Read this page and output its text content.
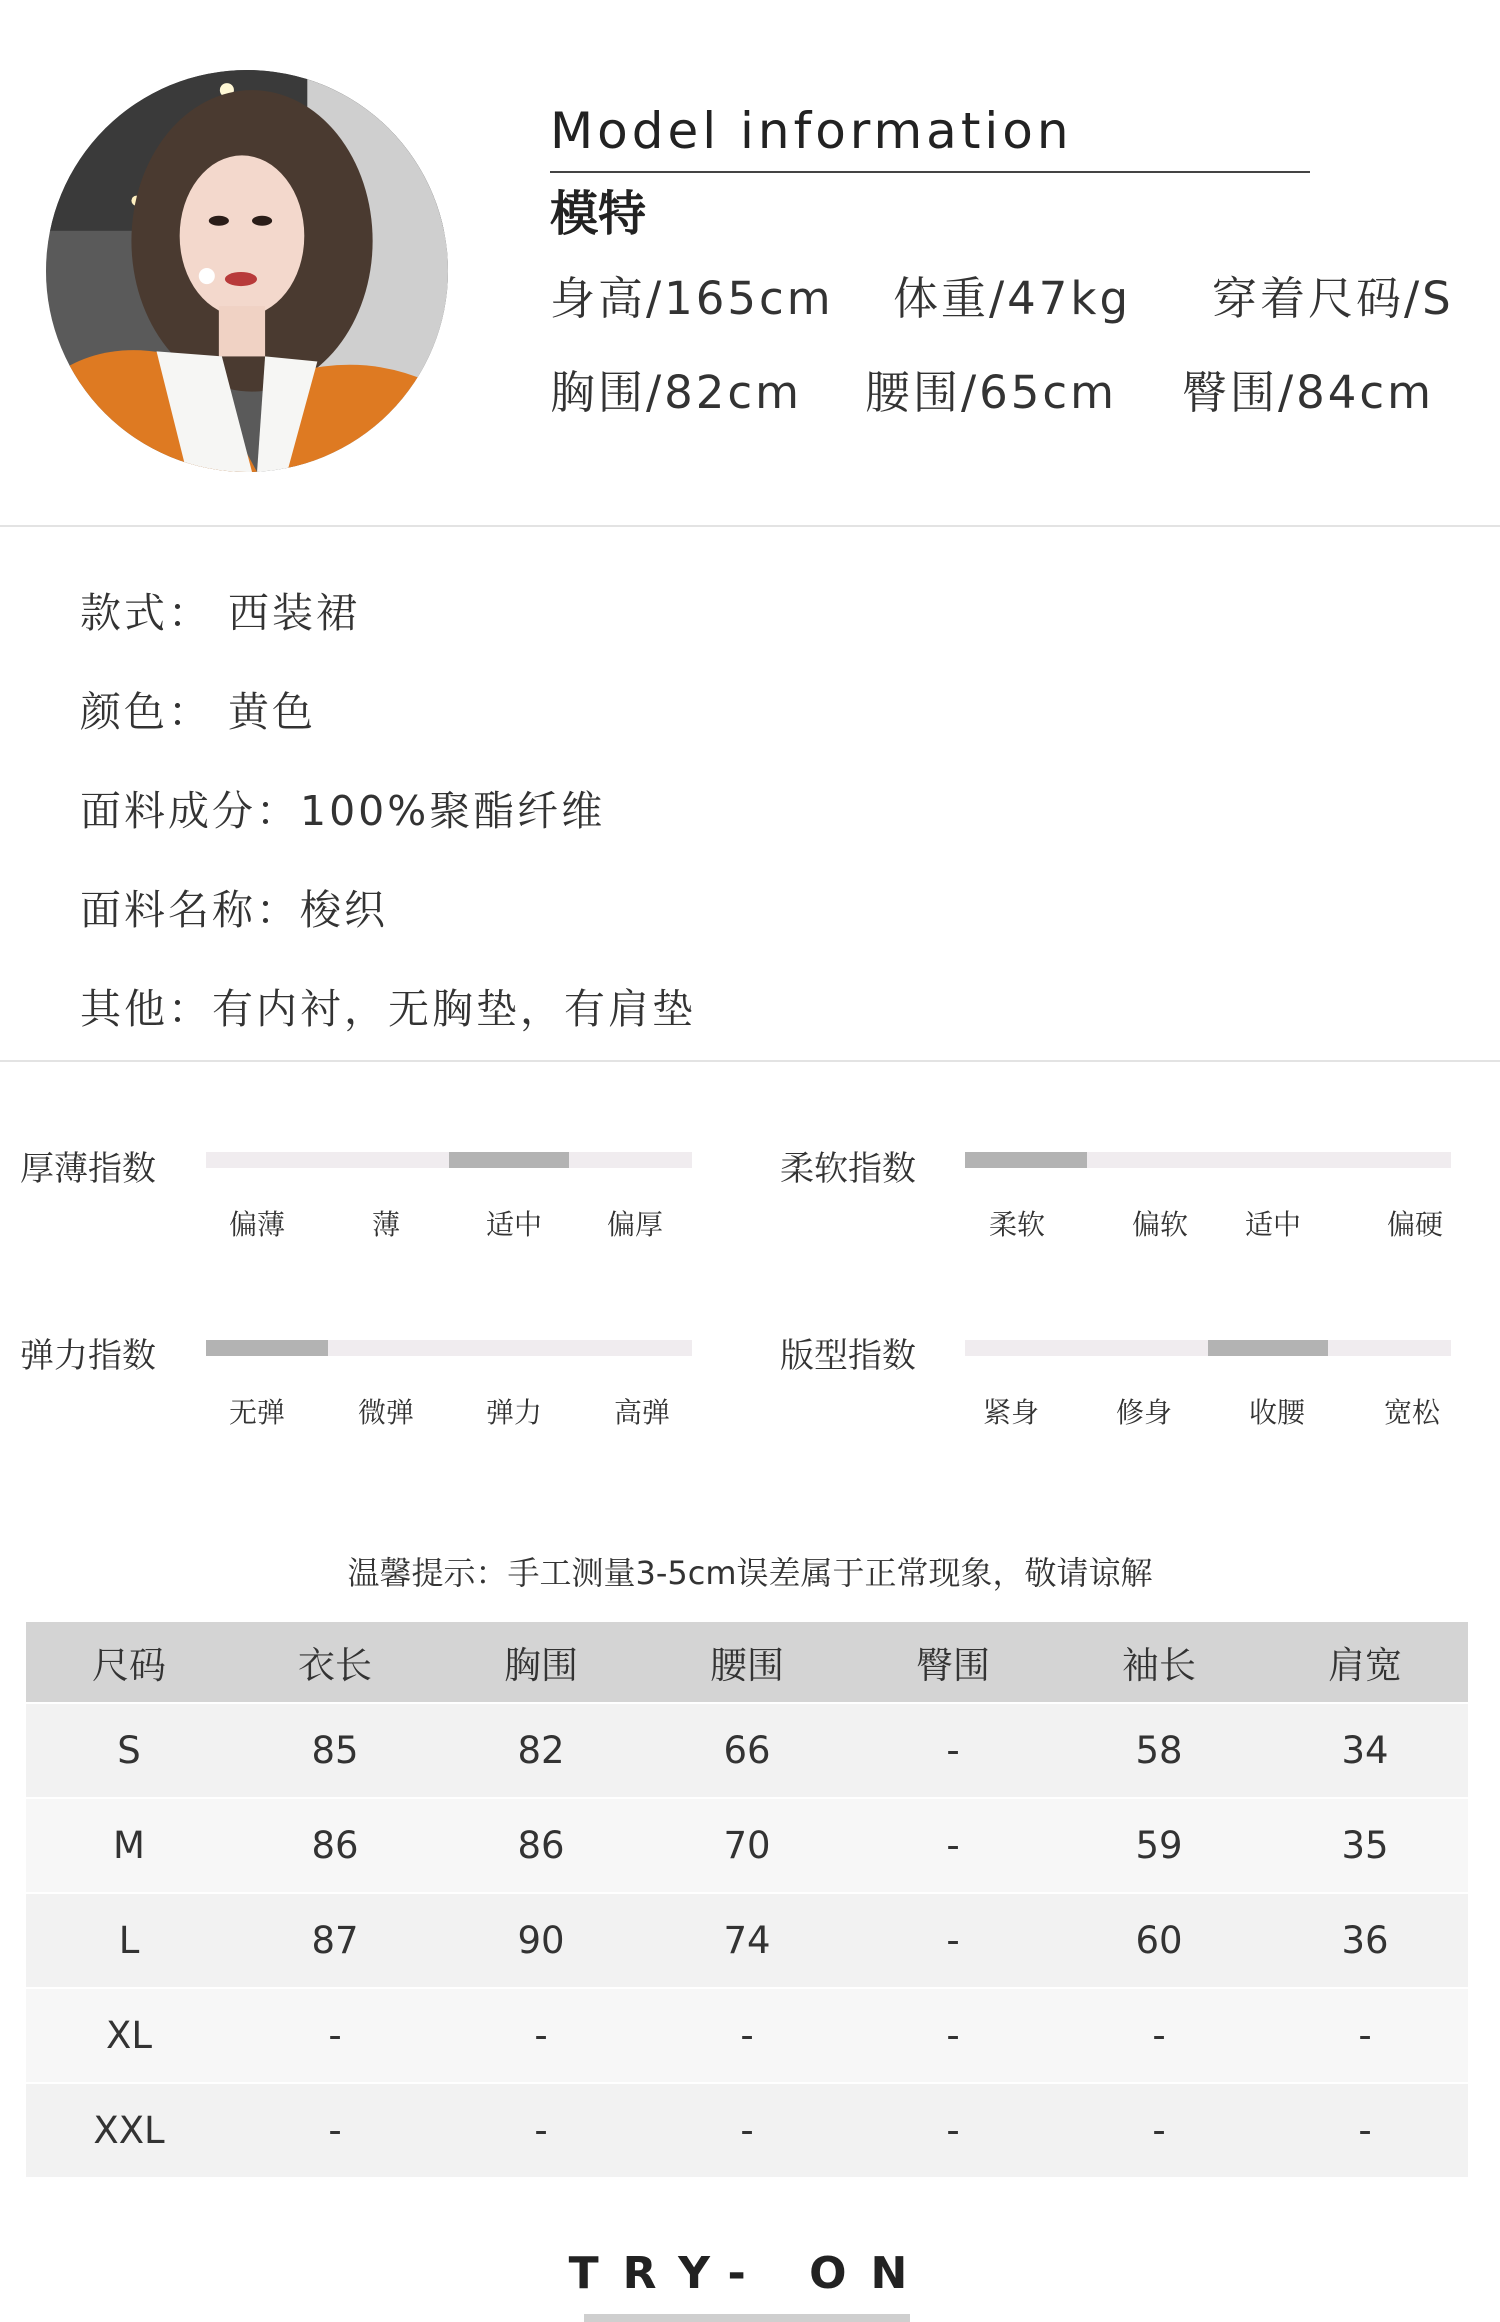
Model information
模特
身高/165cm 体重/47kg 穿着尺码/S
胸围/82cm 腰围/65cm 臀围/84cm
款式： 西装裙
颜色： 黄色
面料成分：100%聚酯纤维
面料名称：梭织
其他：有内衬，无胸垫，有肩垫
厚薄指数
偏薄	薄	适中 偏厚
柔软指数
柔软	偏软 适中	偏硬
弹力指数
无弹	微弹	弹力	高弹
版型指数
紧身	修身	收腰	宽松
温馨提示：手工测量3-5cm误差属于正常现象，敬请谅解
尺码	衣长	胸围	腰围	臀围	袖长	肩宽
S	85	82	66	-	58	34
M	86	86	70	-	59	35
L	87	90	74	-	60	36
XL	-	-	-	-	-	-
XXL	-	-	-	-	-	-
TRY- ON
